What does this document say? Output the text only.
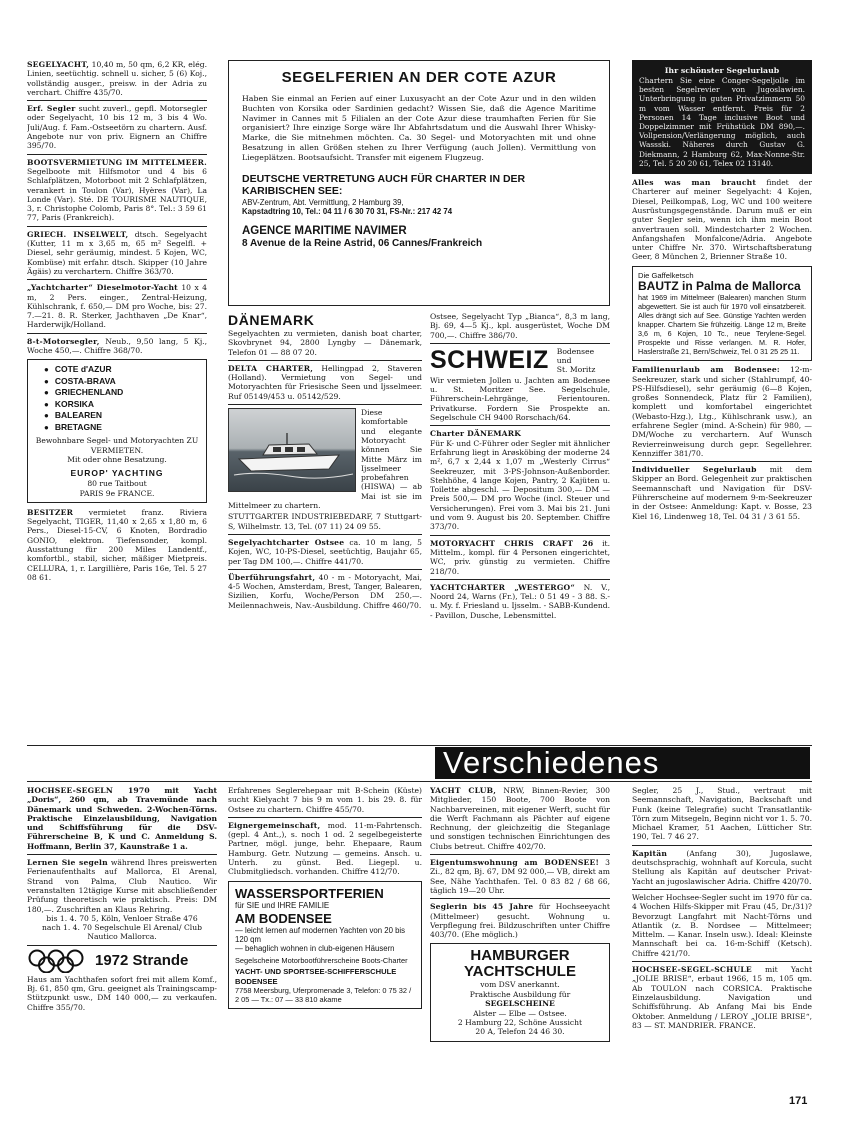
SEGELYACHT, 10,40 m, 50 qm, 6,2 KR, elég. Linien, seetüchtig. schnell u. sicher, 5 (6) Koj., vollständig ausger., preisw. in der Adria zu verchart. Chiffre 435/70.
Erf. Segler sucht zuverl., gepfl. Motorsegler oder Segelyacht, 10 bis 12 m, 3 bis 4 Wo. Juli/Aug. f. Fam.-Ostseetörn zu chartern. Ausf. Angebote nur von priv. Eignern an Chiffre 395/70.
BOOTSVERMIETUNG IM MITTELMEER. Segelboote mit Hilfsmotor und 4 bis 6 Schlafplätzen, Motorboot mit 2 Schlafplätzen, verankert in Toulon (Var), Hyères (Var), La Londe (Var). Sté. DE TOURISME NAUTIQUE, 3, r. Christophe Colomb, Paris 8°. Tel.: 3 59 61 77, Paris (Frankreich).
GRIECH. INSELWELT, dtsch. Segelyacht (Kutter, 11 m x 3,65 m, 65 m² Segelfl. + Diesel, sehr geräumig, mindest. 5 Kojen, WC, Kombüse) mit erfahr. dtsch. Skipper (10 Jahre Ägäis) zu verchartern. Chiffre 363/70.
„Yachtcharter“ Dieselmotor-Yacht 10 x 4 m, 2 Pers. einger., Zentral-Heizung, Kühlschrank, f. 650,— DM pro Woche, bis: 27. 7.—21. 8. R. Sterker, Jachthaven „De Knar“, Harderwijk/Holland.
8-t-Motorsegler, Neub., 9,50 lang, 5 Kj., Woche 450,—. Chiffre 368/70.
● COTE d'AZUR
● COSTA-BRAVA
● GRIECHENLAND
● KORSIKA
● BALEAREN
● BRETAGNE
Bewohnbare Segel- und Motoryachten ZU VERMIETEN.
Mit oder ohne Besatzung.
EUROP' YACHTING
80 rue Taitbout
PARIS 9e FRANCE.
BESITZER vermietet franz. Riviera Segelyacht, TIGER, 11,40 x 2,65 x 1,80 m, 6 Pers., Diesel-15-CV, 6 Knoten, Bordradio GONIO, elektron. Tiefensonder, kompl. Ausstattung für 200 Miles Landentf., komfortbl., stabil, sicher, mäßiger Mietpreis. CELLURA, 1, r. Largillière, Paris 16e, Tel. 5 27 08 61.
SEGELFERIEN AN DER COTE AZUR
Haben Sie einmal an Ferien auf einer Luxusyacht an der Cote Azur und in den wilden Buchten von Korsika oder Sardinien gedacht? Wissen Sie, daß die Agence Maritime Navimer in Cannes mit 5 Filialen an der Cote Azur diese traumhaften Ferien für Sie organisiert? Ihre einzige Sorge wäre Ihr Abfahrtsdatum und die Auswahl Ihrer Whisky-Marke, die Sie mitnehmen möchten. Ca. 30 Segel- und Motoryachten mit und ohne Besatzung in allen Größen stehen zu Ihrer Verfügung (auch Jollen). Vermittlung von Liegeplätzen. Bootsaufsicht. Transfer mit eigenem Flugzeug.
DEUTSCHE VERTRETUNG AUCH FÜR CHARTER IN DER KARIBISCHEN SEE:
ABV-Zentrum, Abt. Vermittlung, 2 Hamburg 39,
Kapstadtring 10, Tel.: 04 11 / 6 30 70 31, FS-Nr.: 217 42 74
AGENCE MARITIME NAVIMER
8 Avenue de la Reine Astrid, 06 Cannes/Frankreich
DÄNEMARK
Segelyachten zu vermieten, danish boat charter, Skovbrynet 94, 2800 Lyngby — Dänemark, Telefon 01 — 88 07 20.
DELTA CHARTER, Hellingpad 2, Staveren (Holland). Vermietung von Segel- und Motoryachten für Friesische Seen und Ijsselmeer. Ruf 05149/453 u. 05142/529.
Diese komfortable und elegante Motoryacht können Sie Mitte März im Ijsselmeer probefahren (HISWA) — ab Mai ist sie im Mittelmeer zu chartern.
STUTTGARTER INDUSTRIEBEDARF, 7 Stuttgart-S, Wilhelmstr. 13, Tel. (07 11) 24 09 55.
Segelyachtcharter Ostsee ca. 10 m lang, 5 Kojen, WC, 10-PS-Diesel, seetüchtig, Baujahr 65, per Tag DM 100,—. Chiffre 441/70.
Überführungsfahrt, 40 - m - Motoryacht, Mai, 4-5 Wochen, Amsterdam, Brest, Tanger, Balearen, Sizilien, Korfu, Woche/Person DM 250,—. Meilennachweis, Nav.-Ausbildung. Chiffre 460/70.
Ostsee, Segelyacht Typ „Bianca“, 8,3 m lang, Bj. 69, 4—5 Kj., kpl. ausgerüstet, Woche DM 700,—. Chiffre 386/70.
SCHWEIZ Bodensee
und
St. Moritz
Wir vermieten Jollen u. Jachten am Bodensee u. St. Moritzer See. Segelschule, Führerschein-Lehrgänge, Ferientouren. Privatkurse. Fordern Sie Prospekte an. Segelschule CH 9400 Rorschach/64.
Charter DÄNEMARK
Für K- und C-Führer oder Segler mit ähnlicher Erfahrung liegt in Arøsköbing der moderne 24 m², 6,7 x 2,44 x 1,07 m „Westerly Cirrus“ Seekreuzer, mit 3-PS-Johnson-Außenborder. Stehhöhe, 4 lange Kojen, Pantry, 2 Kajüten u. Toilette abgeschl. — Depositum 300,— DM — Preis 500,— DM pro Woche (incl. Steuer und Versicherungen). Frei vom 3. Mai bis 21. Juni und vom 9. August bis 20. September. Chiffre 373/70.
MOTORYACHT CHRIS CRAFT 26 it. Mittelm., kompl. für 4 Personen eingerichtet, WC, priv. günstig zu vermieten. Chiffre 218/70.
YACHTCHARTER „WESTERGO“ N. V., Noord 24, Warns (Fr.), Tel.: 0 51 49 - 3 88. S.- u. My. f. Friesland u. Ijsselm. - SABB-Kundend. - Pavillon, Dusche, Lebensmittel.
Ihr schönster Segelurlaub
Chartern Sie eine Conger-Segeljolle im besten Segelrevier von Jugoslawien. Unterbringung in guten Privatzimmern 50 m vom Wasser entfernt. Preis für 2 Personen 14 Tage inclusive Boot und Doppelzimmer mit Frühstück DM 890,—. Vollpension/Verlängerung möglich, auch Wassski. Näheres durch Gustav G. Diekmann, 2 Hamburg 62, Max-Nonne-Str. 25, Tel. 5 20 20 61, Telex 02 13140.
Alles was man braucht findet der Charterer auf meiner Segelyacht: 4 Kojen, Diesel, Peilkompaß, Log, WC und 100 weitere Ausrüstungsgegenstände. Darum muß er ein guter Segler sein, wenn ich ihm mein Boot anvertrauen soll. Mindestcharter 2 Wochen. Anfangshafen Monfalcone/Adria. Angebote unter Chiffre Nr. 370. Wirtschaftsberatung Geer, 8 München 2, Brienner Straße 10.
Die Gaffelketsch
BAUTZ in Palma de Mallorca
hat 1969 im Mittelmeer (Balearen) manchen Sturm abgewettert. Sie ist auch für 1970 voll einsatzbereit. Alles drängt sich auf See. Günstige Yachten werden knapper. Chartern Sie frühzeitig. Länge 12 m, Breite 3,6 m, 6 Kojen, 10 Tc., neue Terylene-Segel. Prospekte und Risse verlangen. M. R. Hofer, Haslerstraße 21, Bern/Schweiz, Tel. 0 31 25 25 11.
Familienurlaub am Bodensee: 12-m-Seekreuzer, stark und sicher (Stahlrumpf, 40-PS-Hilfsdiesel), sehr geräumig (6—8 Kojen, großes Sonnendeck, Platz für 2 Familien), komplett und komfortabel eingerichtet (Webasto-Hzg.), Ltg., Kühlschrank usw.), an erfahrene Segler (mind. A-Schein) für 980, —DM/Woche zu verchartern. Auf Wunsch Revierreinweisung durch gepr. Segellehrer. Kennziffer 381/70.
Individueller Segelurlaub mit dem Skipper an Bord. Gelegenheit zur praktischen Seemannschaft und Navigation für DSV-Führerscheine auf modernem 9-m-Seekreuzer in der Ostsee: Anmeldung: Kapt. v. Bosse, 23 Kiel 16, Lindenweg 18, Tel. 04 31 / 3 61 55.
Verschiedenes
HOCHSEE-SEGELN 1970 mit Yacht „Doris“, 260 qm, ab Travemünde nach Dänemark und Schweden. 2-Wochen-Törns. Praktische Einzelausbildung, Navigation und Schiffsführung für die DSV-Führerscheine B, K und C. Anmeldung S. Hoffmann, Berlin 37, Kaunstraße 1 a.
Lernen Sie segeln während Ihres preiswerten Ferienaufenthalts auf Mallorca, El Arenal, Strand von Palma, Club Nautico. Wir veranstalten 12tägige Kurse mit abschließender Prüfung theoretisch wie praktisch. Preis: DM 180,—. Zuschriften an Klaus Rehring.
bis 1. 4. 70 5, Köln, Venloer Straße 476
nach 1. 4. 70 Segelschule El Arenal/ Club Nautico Mallorca.
1972 Strande
Haus am Yachthafen sofort frei mit allem Komf., Bj. 61, 850 qm, Gru. geeignet als Trainingscamp-Stützpunkt usw., DM 140 000,— zu verkaufen. Chiffre 355/70.
Erfahrenes Seglerehepaar mit B-Schein (Küste) sucht Kielyacht 7 bis 9 m vom 1. bis 29. 8. für Ostsee zu chartern. Chiffre 455/70.
Eignergemeinschaft, mod. 11-m-Fahrtensch. (gepl. 4 Ant.,), s. noch 1 od. 2 segelbegeisterte Partner, mögl. junge, behr. Ehepaare, Raum Hamburg. Getr. Nutzung — gemeins. Ansch. u. Unterh. zu günst. Bed. Liegepl. u. Clubmitgliedsch. vorhanden. Chiffre 412/70.
WASSERSPORTFERIEN
für SIE und IHRE FAMILIE
AM BODENSEE
— leicht lernen auf modernen Yachten von 20 bis 120 qm
— behaglich wohnen in club-eigenen Häusern
Segelscheine Motorbootführerscheine Boots-Charter
YACHT- UND SPORTSEE-SCHIFFERSCHULE BODENSEE
7758 Meersburg, Uferpromenade 3, Telefon: 0 75 32 / 2 05 — Tx.: 07 — 33 810 akame
YACHT CLUB, NRW, Binnen-Revier, 300 Mitglieder, 150 Boote, 700 Boote von Nachbarvereinen, mit eigener Werft, sucht für die Werft Fachmann als Pächter auf eigene Rechnung, der gleichzeitig die Steganlage und sonstigen technischen Einrichtungen des Clubs betreut. Chiffre 402/70.
Eigentumswohnung am BODENSEE! 3 Zi., 82 qm, Bj. 67, DM 92 000,— VB, direkt am See, Nähe Yachthafen. Tel. 0 83 82 / 68 66, täglich 19—20 Uhr.
Seglerin bis 45 Jahre für Hochseeyacht (Mittelmeer) gesucht. Wohnung u. Verpflegung frei. Bildzuschriften unter Chiffre 403/70. (Ehe möglich.)
HAMBURGER
YACHTSCHULE
vom DSV anerkannt.
Praktische Ausbildung für
SEGELSCHEINE
Alster — Elbe — Ostsee.
2 Hamburg 22, Schöne Aussicht
20 A, Telefon 24 46 30.
Segler, 25 J., Stud., vertraut mit Seemannschaft, Navigation, Backschaft und Funk (keine Telegrafie) sucht Transatlantik-Törn zum Mitsegeln, Beginn nicht vor 1. 5. 70. Michael Kramer, 51 Aachen, Lütticher Str. 190, Tel. 7 46 27.
Kapitän	(Anfang 30), Jugoslawe, deutschsprachig, wohnhaft auf Korcula, sucht Stellung als Kapitän auf deutscher Privat-Yacht an jugoslawischer Adria. Chiffre 420/70.
Welcher Hochsee-Segler sucht im 1970 für ca. 4 Wochen Hilfs-Skipper mit Frau (45, Dr./31)? Bevorzugt Langfahrt mit Nacht-Törns und Atlantik (z. B. Nordsee — Mittelmeer; Mittelm. — Kanar. Inseln usw.). Ideal: Kleinste Mannschaft bei ca. 16-m-Schiff (Ketsch). Chiffre 421/70.
HOCHSEE-SEGEL-SCHULE mit Yacht „JOLIE BRISE“, erbaut 1966, 15 m, 105 qm. Ab TOULON nach CORSICA. Praktische Einzelausbildung. Navigation und Schiffsführung. Ab Anfang Mai bis Ende Oktober. Anmeldung / LEROY „JOLIE BRISE“, 83 — ST. MANDRIER. FRANCE.
171
